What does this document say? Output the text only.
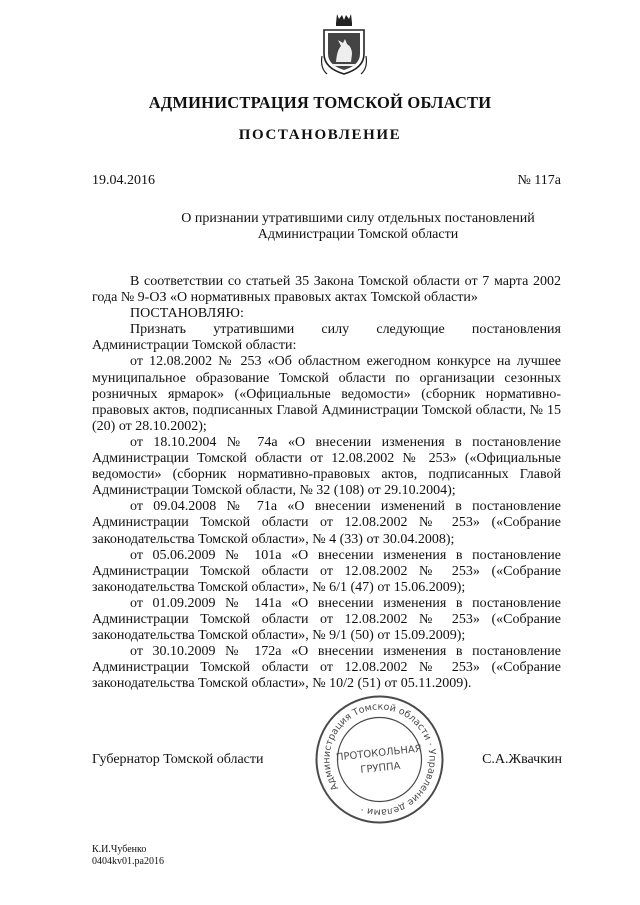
АДМИНИСТРАЦИЯ ТОМСКОЙ ОБЛАСТИ
ПОСТАНОВЛЕНИЕ
19.04.2016	№ 117а
О признании утратившими силу отдельных постановлений
Администрации Томской области

В соответствии со статьей 35 Закона Томской области от 7 марта 2002 года № 9-ОЗ «О нормативных правовых актах Томской области»

ПОСТАНОВЛЯЮ:

Признать утратившими силу следующие постановления Администрации Томской области:

от 12.08.2002 № 253 «Об областном ежегодном конкурсе на лучшее муниципальное образование Томской области по организации сезонных розничных ярмарок» («Официальные ведомости» (сборник нормативно-правовых актов, подписанных Главой Администрации Томской области, № 15 (20) от 28.10.2002);

от 18.10.2004 № 74а «О внесении изменения в постановление Администрации Томской области от 12.08.2002 № 253» («Официальные ведомости» (сборник нормативно-правовых актов, подписанных Главой Администрации Томской области, № 32 (108) от 29.10.2004);

от 09.04.2008 № 71а «О внесении изменений в постановление Администрации Томской области от 12.08.2002 № 253» («Собрание законодательства Томской области», № 4 (33) от 30.04.2008);

от 05.06.2009 № 101а «О внесении изменения в постановление Администрации Томской области от 12.08.2002 № 253» («Собрание законодательства Томской области», № 6/1 (47) от 15.06.2009);

от 01.09.2009 № 141а «О внесении изменения в постановление Администрации Томской области от 12.08.2002 № 253» («Собрание законодательства Томской области», № 9/1 (50) от 15.09.2009);

от 30.10.2009 № 172а «О внесении изменения в постановление Администрации Томской области от 12.08.2002 № 253» («Собрание законодательства Томской области», № 10/2 (51) от 05.11.2009).

Губернатор Томской области	С.А.Жвачкин
Администрация Томской области · Управление делами ·
ПРОТОКОЛЬНАЯ
ГРУППА
К.И.Чубенко
0404kv01.pa2016
